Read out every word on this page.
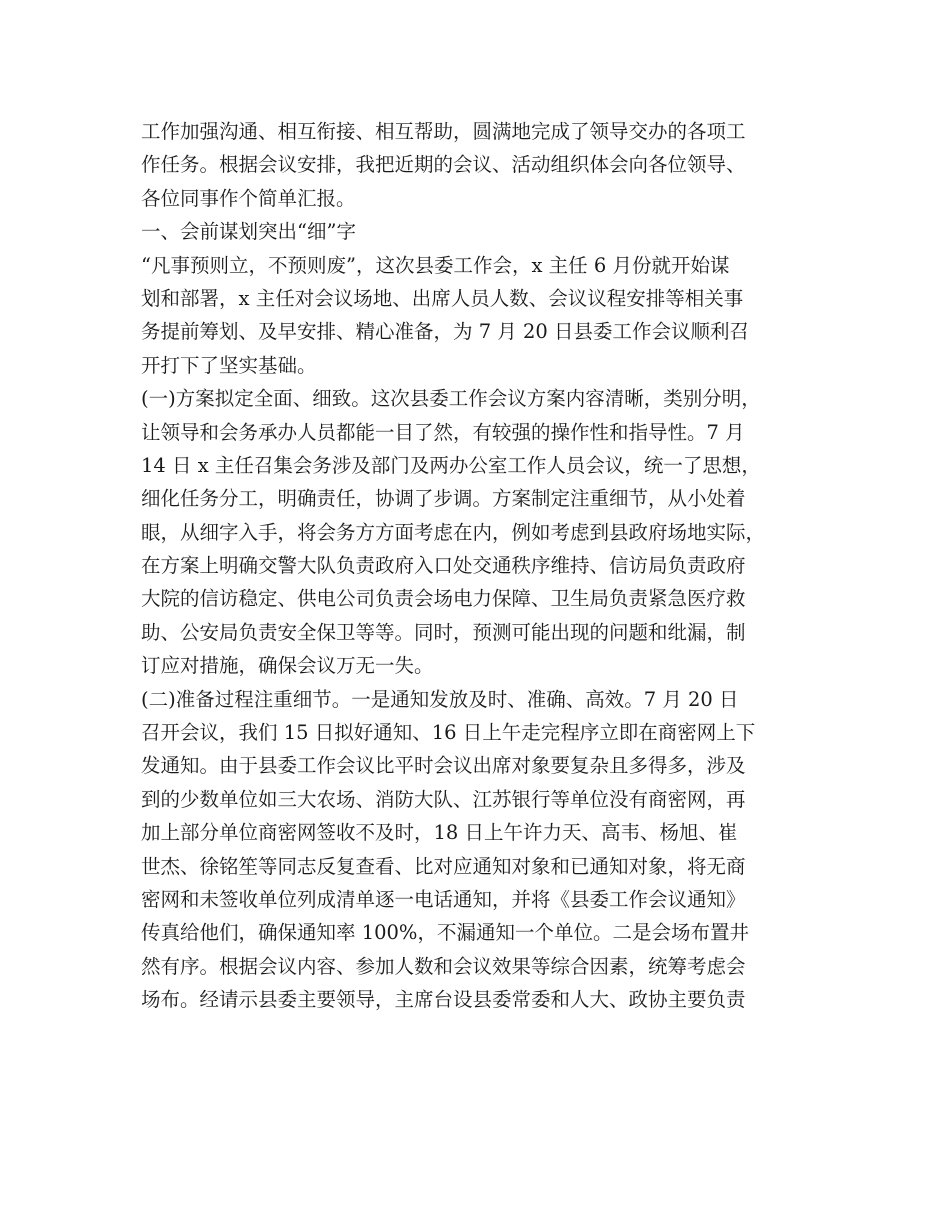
工作加强沟通、相互衔接、相互帮助，圆满地完成了领导交办的各项工
作任务。根据会议安排，我把近期的会议、活动组织体会向各位领导、
各位同事作个简单汇报。
一、会前谋划突出“细”字
“凡事预则立，不预则废”，这次县委工作会，x 主任 6 月份就开始谋
划和部署，x 主任对会议场地、出席人员人数、会议议程安排等相关事
务提前筹划、及早安排、精心准备，为 7 月 20 日县委工作会议顺利召
开打下了坚实基础。
(一)方案拟定全面、细致。这次县委工作会议方案内容清晰，类别分明，
让领导和会务承办人员都能一目了然，有较强的操作性和指导性。7 月
14 日 x 主任召集会务涉及部门及两办公室工作人员会议，统一了思想，
细化任务分工，明确责任，协调了步调。方案制定注重细节，从小处着
眼，从细字入手，将会务方方面考虑在内，例如考虑到县政府场地实际，
在方案上明确交警大队负责政府入口处交通秩序维持、信访局负责政府
大院的信访稳定、供电公司负责会场电力保障、卫生局负责紧急医疗救
助、公安局负责安全保卫等等。同时，预测可能出现的问题和纰漏，制
订应对措施，确保会议万无一失。
(二)准备过程注重细节。一是通知发放及时、准确、高效。7 月 20 日
召开会议，我们 15 日拟好通知、16 日上午走完程序立即在商密网上下
发通知。由于县委工作会议比平时会议出席对象要复杂且多得多，涉及
到的少数单位如三大农场、消防大队、江苏银行等单位没有商密网，再
加上部分单位商密网签收不及时，18 日上午许力天、高韦、杨旭、崔
世杰、徐铭笙等同志反复查看、比对应通知对象和已通知对象，将无商
密网和未签收单位列成清单逐一电话通知，并将《县委工作会议通知》
传真给他们，确保通知率 100%，不漏通知一个单位。二是会场布置井
然有序。根据会议内容、参加人数和会议效果等综合因素，统筹考虑会
场布。经请示县委主要领导，主席台设县委常委和人大、政协主要负责
